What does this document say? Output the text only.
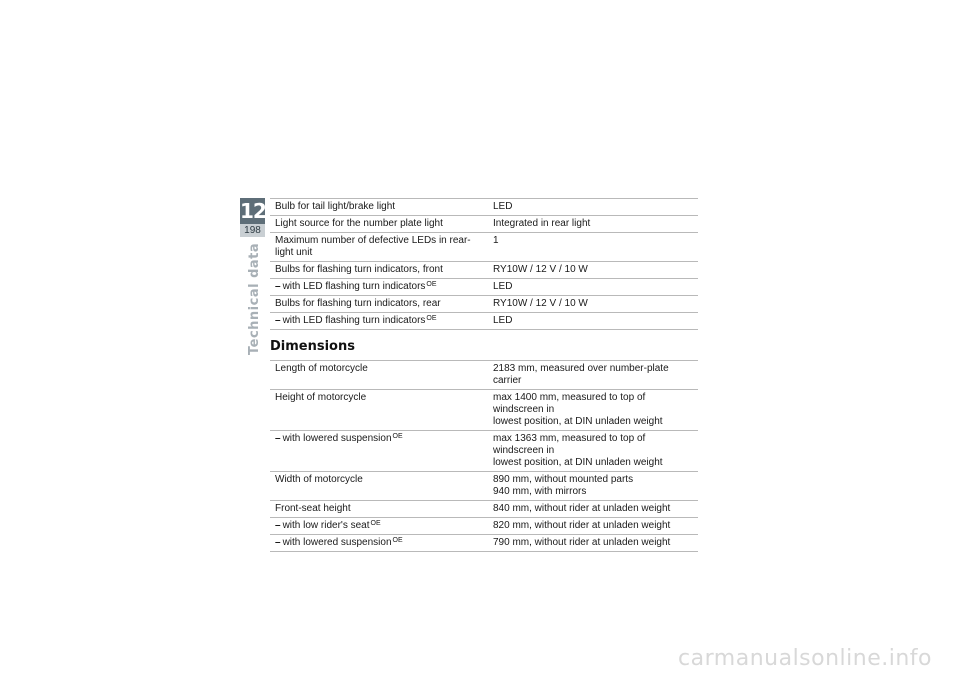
12
198
Technical data
Bulb for tail light/brake light	LED
Light source for the number plate light	Integrated in rear light
Maximum number of defective LEDs in rear-light unit	1
Bulbs for flashing turn indicators, front	RY10W / 12 V / 10 W
– with LED flashing turn indicators$^{OE}$	LED
Bulbs for flashing turn indicators, rear	RY10W / 12 V / 10 W
– with LED flashing turn indicators$^{OE}$	LED
Dimensions
Length of motorcycle	2183 mm, measured over number-plate carrier

Height of motorcycle	max 1400 mm, measured to top of windscreen in
lowest position, at DIN unladen weight

– with lowered suspension$^{OE}$	max 1363 mm, measured to top of windscreen in
lowest position, at DIN unladen weight

Width of motorcycle	890 mm, without mounted parts
940 mm, with mirrors

Front-seat height	840 mm, without rider at unladen weight

– with low rider's seat$^{OE}$	820 mm, without rider at unladen weight

– with lowered suspension$^{OE}$	790 mm, without rider at unladen weight
carmanualsonline.info
